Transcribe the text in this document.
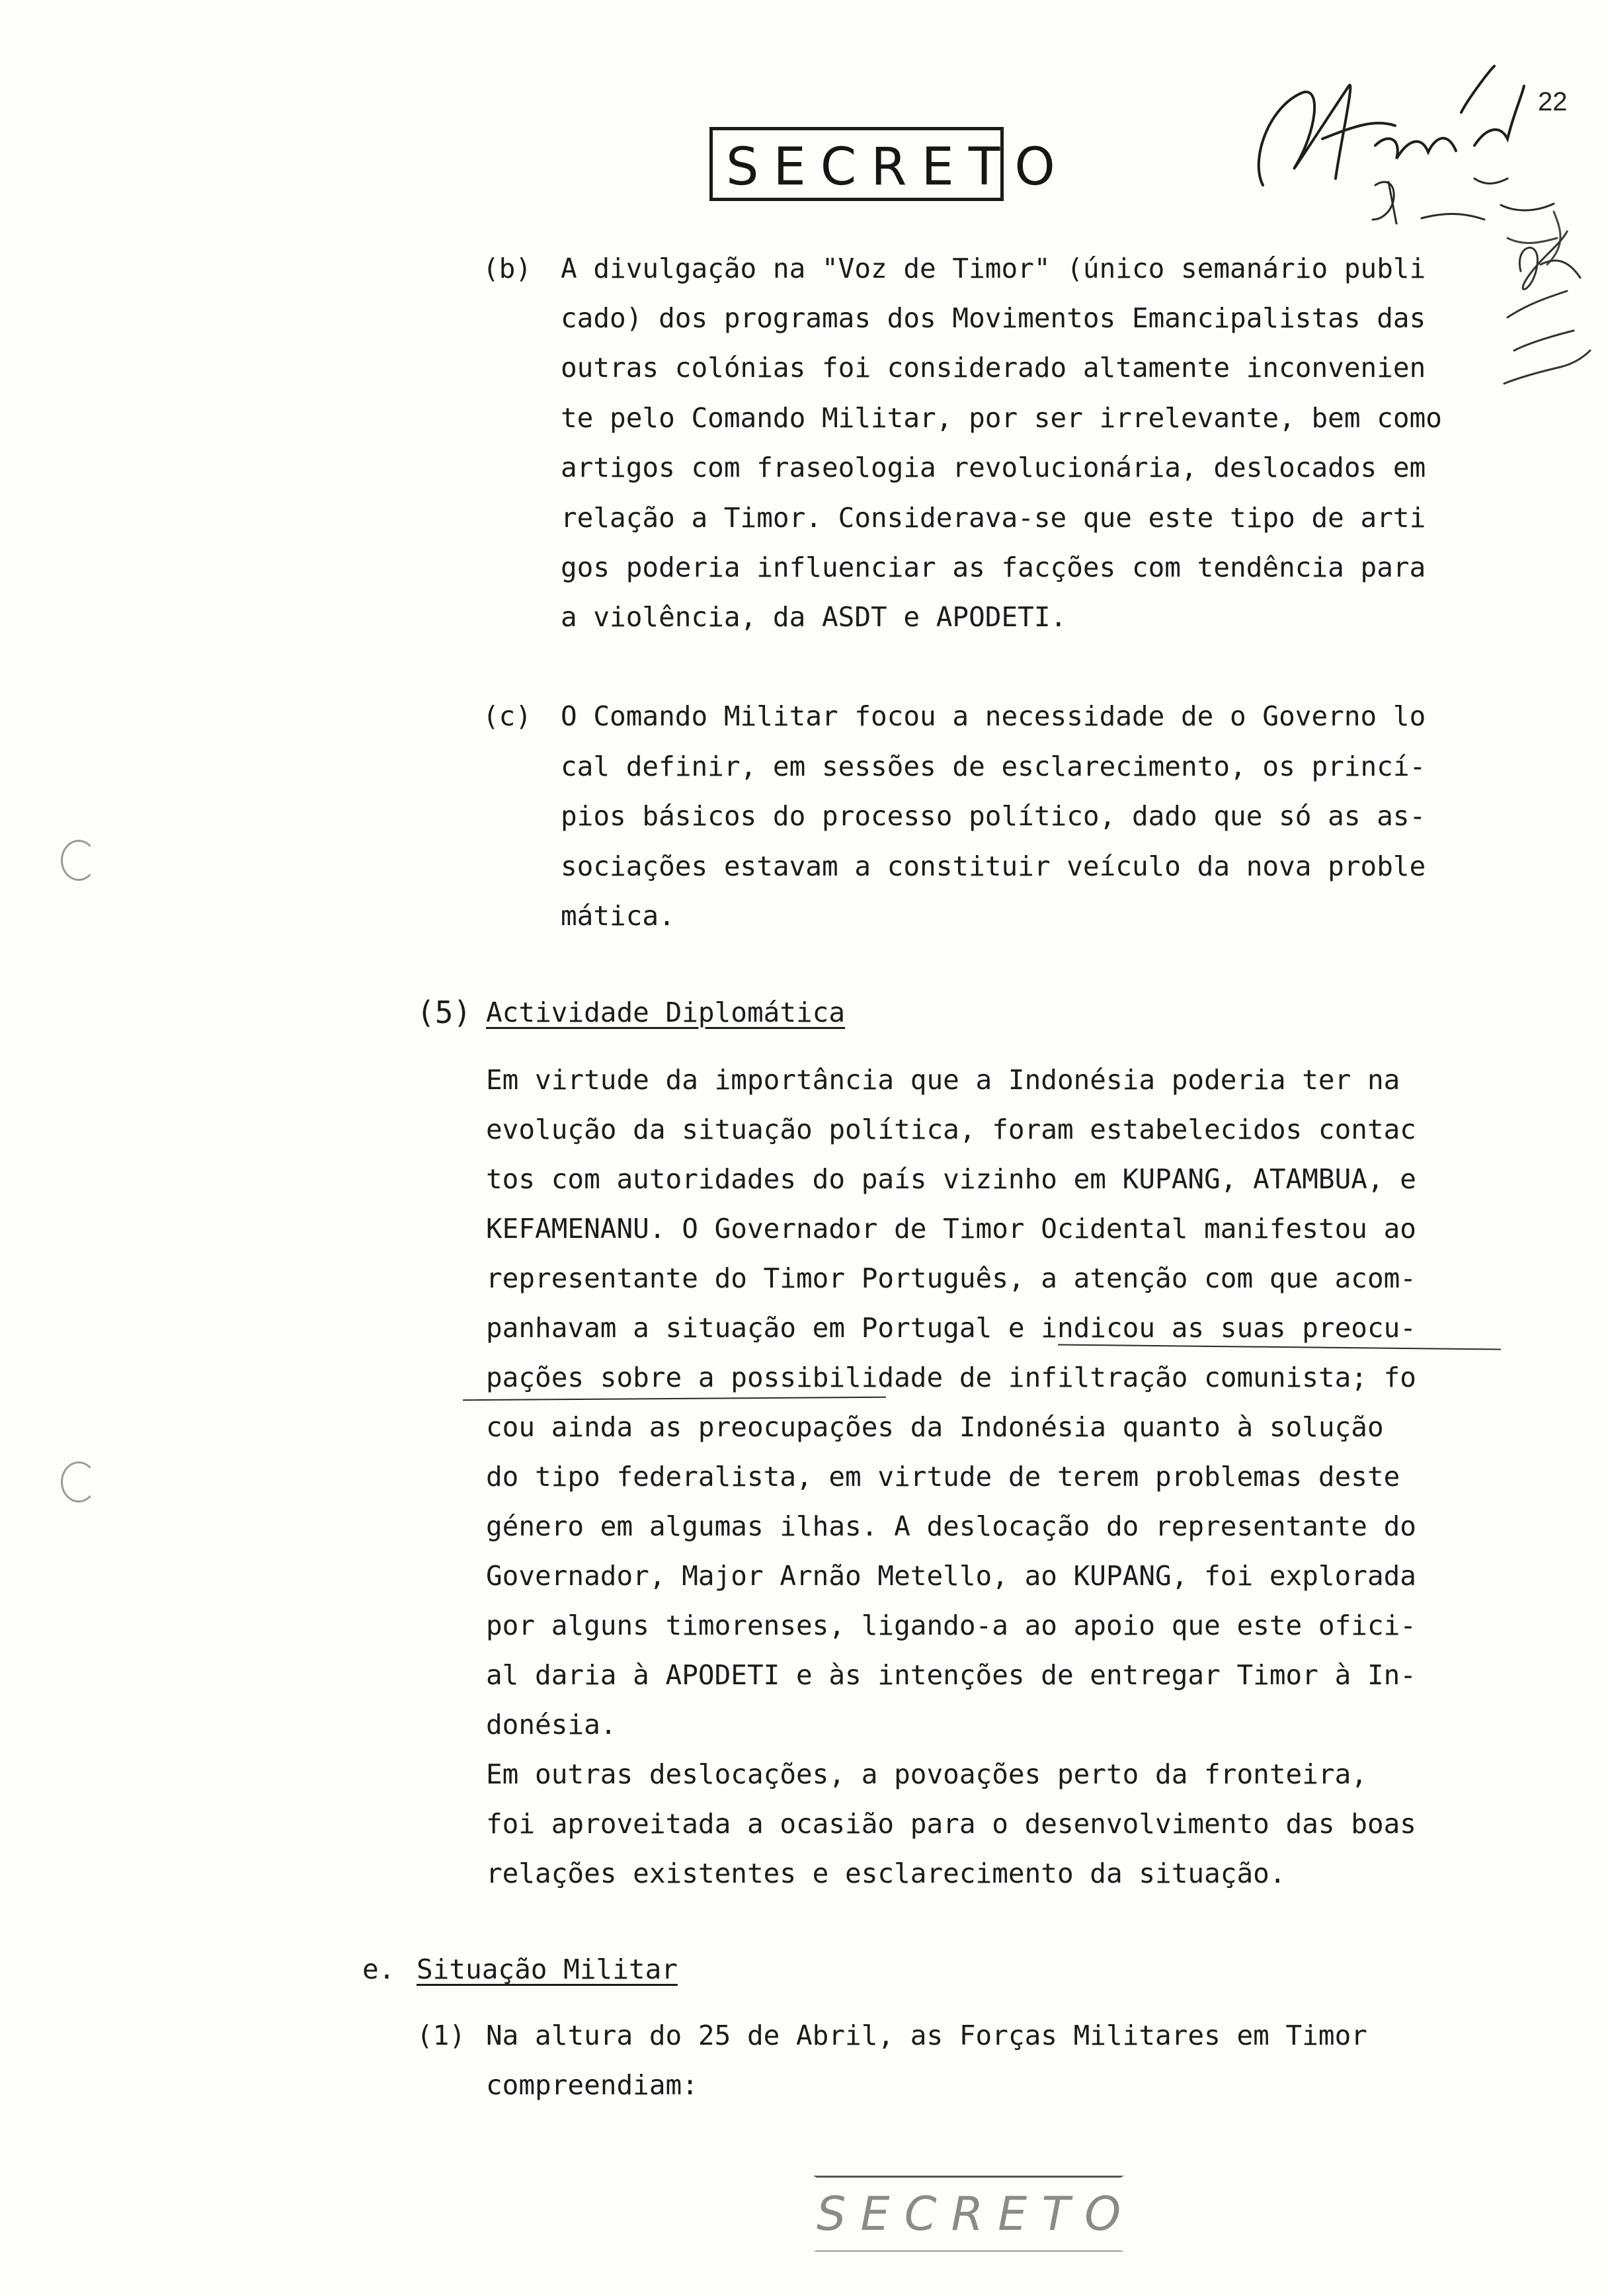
SECRETO
22
(b) A divulgação na "Voz de Timor" (único semanário publi
cado) dos programas dos Movimentos Emancipalistas das
outras colónias foi considerado altamente inconvenien
te pelo Comando Militar, por ser irrelevante, bem como
artigos com fraseologia revolucionária, deslocados em
relação a Timor. Considerava-se que este tipo de arti
gos poderia influenciar as facções com tendência para
a violência, da ASDT e APODETI.
(c) O Comando Militar focou a necessidade de o Governo lo
cal definir, em sessões de esclarecimento, os princí-
pios básicos do processo político, dado que só as as-
sociações estavam a constituir veículo da nova proble
mática.
(5) Actividade Diplomática
Em virtude da importância que a Indonésia poderia ter na
evolução da situação política, foram estabelecidos contac
tos com autoridades do país vizinho em KUPANG, ATAMBUA, e
KEFAMENANU. O Governador de Timor Ocidental manifestou ao
representante do Timor Português, a atenção com que acom-
panhavam a situação em Portugal e indicou as suas preocu-
pações sobre a possibilidade de infiltração comunista; fo
cou ainda as preocupações da Indonésia quanto à solução
do tipo federalista, em virtude de terem problemas deste
género em algumas ilhas. A deslocação do representante do
Governador, Major Arnão Metello, ao KUPANG, foi explorada
por alguns timorenses, ligando-a ao apoio que este ofici-
al daria à APODETI e às intenções de entregar Timor à In-
donésia.
Em outras deslocações, a povoações perto da fronteira,
foi aproveitada a ocasião para o desenvolvimento das boas
relações existentes e esclarecimento da situação.
e. Situação Militar
(1) Na altura do 25 de Abril, as Forças Militares em Timor
compreendiam:
SECRETO
